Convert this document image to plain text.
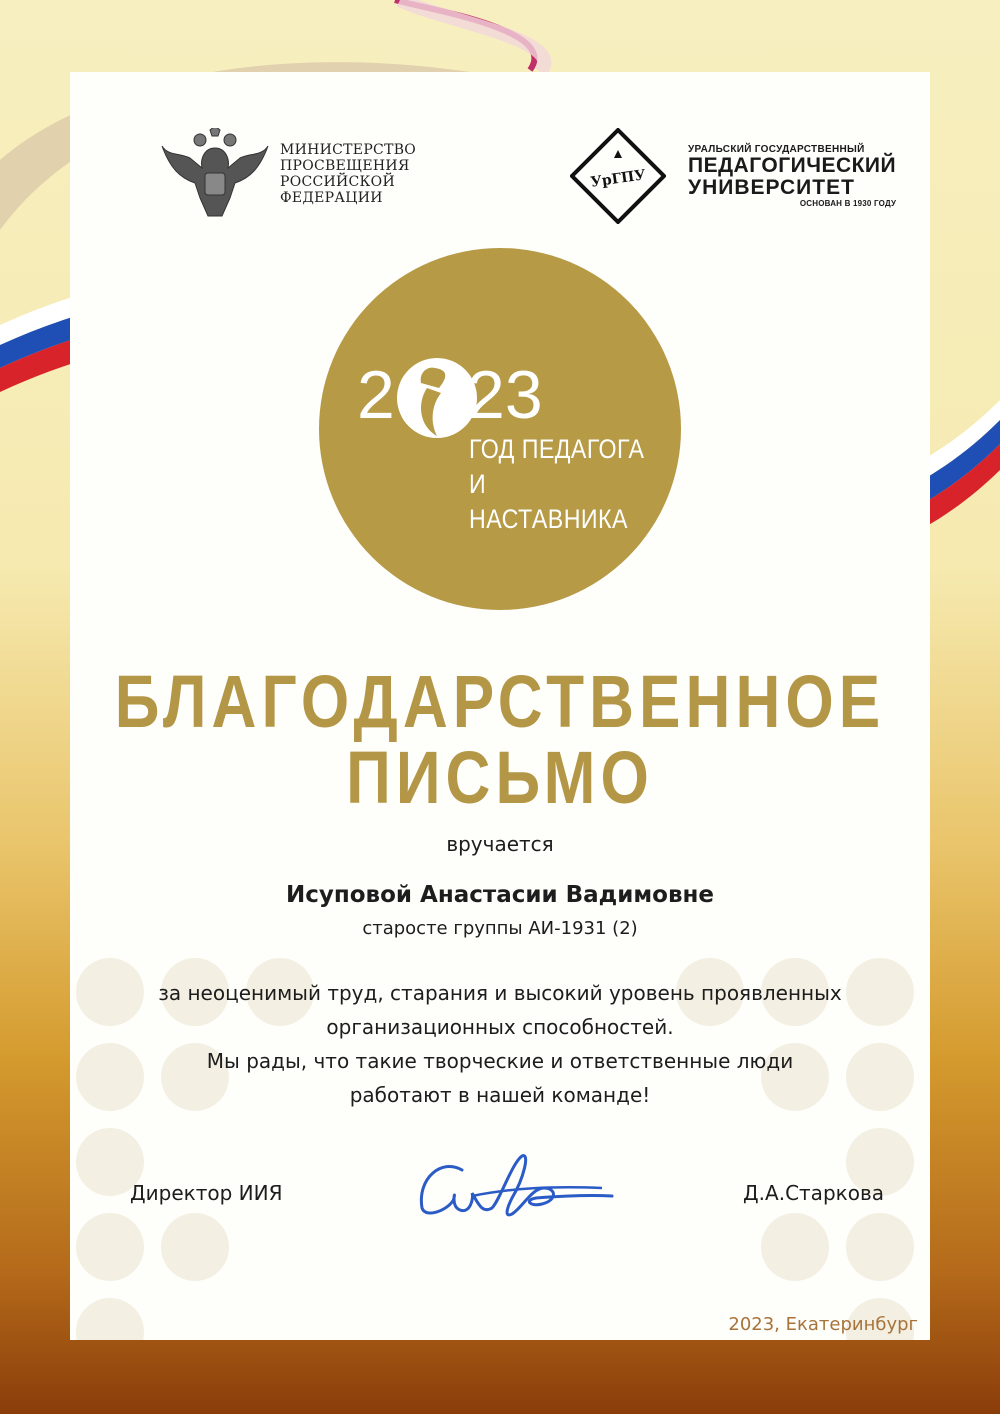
МИНИСТЕРСТВО
ПРОСВЕЩЕНИЯ
РОССИЙСКОЙ
ФЕДЕРАЦИИ
УрГПУ
УРАЛЬСКИЙ ГОСУДАРСТВЕННЫЙ
ПЕДАГОГИЧЕСКИЙ
УНИВЕРСИТЕТ
ОСНОВАН В 1930 ГОДУ
2 23
ГОД ПЕДАГОГА
И НАСТАВНИКА
БЛАГОДАРСТВЕННОЕ
ПИСЬМО
вручается
Исуповой Анастасии Вадимовне
старосте группы АИ-1931 (2)
за неоценимый труд, старания и высокий уровень проявленных
организационных способностей.
Мы рады, что такие творческие и ответственные люди
работают в нашей команде!
Директор ИИЯ	Д.А.Старкова
2023, Екатеринбург
